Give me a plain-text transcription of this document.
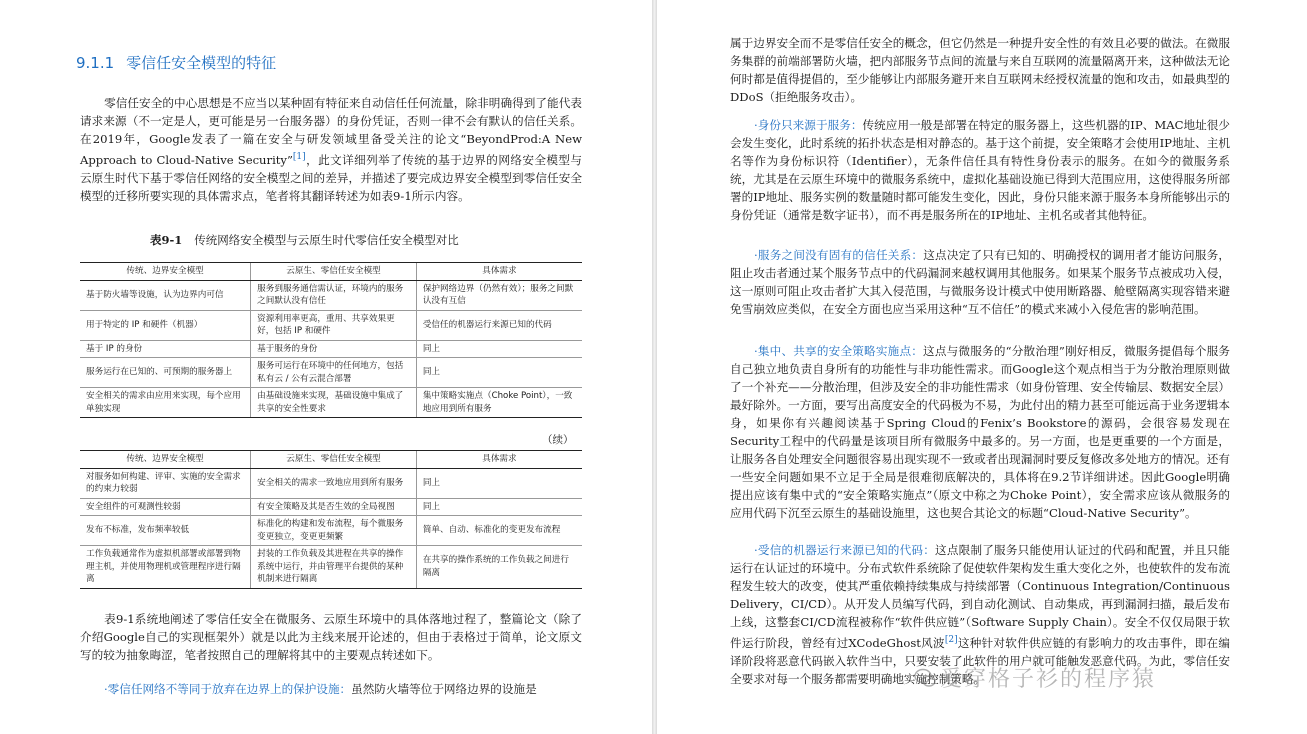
9.1.1 零信任安全模型的特征

零信任安全的中心思想是不应当以某种固有特征来自动信任任何流量，除非明确得到了能代表请求来源（不一定是人，更可能是另一台服务器）的身份凭证，否则一律不会有默认的信任关系。在2019年，Google发表了一篇在安全与研发领域里备受关注的论文“BeyondProd:A New Approach to Cloud-Native Security”[1]，此文详细列举了传统的基于边界的网络安全模型与云原生时代下基于零信任网络的安全模型之间的差异，并描述了要完成边界安全模型到零信任安全模型的迁移所要实现的具体需求点，笔者将其翻译转述为如表9-1所示内容。

表9-1 传统网络安全模型与云原生时代零信任安全模型对比
传统、边界安全模型	云原生、零信任安全模型	具体需求
基于防火墙等设施，认为边界内可信	服务到服务通信需认证，环境内的服务之间默认没有信任	保护网络边界（仍然有效）；服务之间默认没有互信
用于特定的 IP 和硬件（机器）	资源利用率更高，重用、共享效果更好，包括 IP 和硬件	受信任的机器运行来源已知的代码
基于 IP 的身份	基于服务的身份	同上
服务运行在已知的、可预期的服务器上	服务可运行在环境中的任何地方，包括私有云 / 公有云混合部署	同上
安全相关的需求由应用来实现，每个应用单独实现	由基础设施来实现，基础设施中集成了共享的安全性要求	集中策略实施点（Choke Point），一致地应用到所有服务
（续）
传统、边界安全模型	云原生、零信任安全模型	具体需求
对服务如何构建、评审、实施的安全需求的约束力较弱	安全相关的需求一致地应用到所有服务	同上
安全组件的可观测性较弱	有安全策略及其是否生效的全局视图	同上
发布不标准，发布频率较低	标准化的构建和发布流程，每个微服务变更独立，变更更频繁	简单、自动、标准化的变更发布流程
工作负载通常作为虚拟机部署或部署到物理主机，并使用物理机或管理程序进行隔离	封装的工作负载及其进程在共享的操作系统中运行，并由管理平台提供的某种机制来进行隔离	在共享的操作系统的工作负载之间进行隔离

表9-1系统地阐述了零信任安全在微服务、云原生环境中的具体落地过程了，整篇论文（除了介绍Google自己的实现框架外）就是以此为主线来展开论述的，但由于表格过于简单，论文原文写的较为抽象晦涩，笔者按照自己的理解将其中的主要观点转述如下。

·零信任网络不等同于放弃在边界上的保护设施：虽然防火墙等位于网络边界的设施是

属于边界安全而不是零信任安全的概念，但它仍然是一种提升安全性的有效且必要的做法。在微服务集群的前端部署防火墙，把内部服务节点间的流量与来自互联网的流量隔离开来，这种做法无论何时都是值得提倡的，至少能够让内部服务避开来自互联网未经授权流量的饱和攻击，如最典型的DDoS（拒绝服务攻击）。

·身份只来源于服务：传统应用一般是部署在特定的服务器上，这些机器的IP、MAC地址很少会发生变化，此时系统的拓扑状态是相对静态的。基于这个前提，安全策略才会使用IP地址、主机名等作为身份标识符（Identifier），无条件信任具有特性身份表示的服务。在如今的微服务系统，尤其是在云原生环境中的微服务系统中，虚拟化基础设施已得到大范围应用，这使得服务所部署的IP地址、服务实例的数量随时都可能发生变化，因此，身份只能来源于服务本身所能够出示的身份凭证（通常是数字证书），而不再是服务所在的IP地址、主机名或者其他特征。

·服务之间没有固有的信任关系：这点决定了只有已知的、明确授权的调用者才能访问服务，阻止攻击者通过某个服务节点中的代码漏洞来越权调用其他服务。如果某个服务节点被成功入侵，这一原则可阻止攻击者扩大其入侵范围，与微服务设计模式中使用断路器、舱壁隔离实现容错来避免雪崩效应类似，在安全方面也应当采用这种“互不信任”的模式来减小入侵危害的影响范围。

·集中、共享的安全策略实施点：这点与微服务的“分散治理”刚好相反，微服务提倡每个服务自己独立地负责自身所有的功能性与非功能性需求。而Google这个观点相当于为分散治理原则做了一个补充——分散治理，但涉及安全的非功能性需求（如身份管理、安全传输层、数据安全层）最好除外。一方面，要写出高度安全的代码极为不易，为此付出的精力甚至可能远高于业务逻辑本身，如果你有兴趣阅读基于Spring Cloud的Fenix’s Bookstore的源码，会很容易发现在Security工程中的代码量是该项目所有微服务中最多的。另一方面，也是更重要的一个方面是，让服务各自处理安全问题很容易出现实现不一致或者出现漏洞时要反复修改多处地方的情况。还有一些安全问题如果不立足于全局是很难彻底解决的，具体将在9.2节详细讲述。因此Google明确提出应该有集中式的“安全策略实施点”（原文中称之为Choke Point），安全需求应该从微服务的应用代码下沉至云原生的基础设施里，这也契合其论文的标题“Cloud-Native Security”。

·受信的机器运行来源已知的代码：这点限制了服务只能使用认证过的代码和配置，并且只能运行在认证过的环境中。分布式软件系统除了促使软件架构发生重大变化之外，也使软件的发布流程发生较大的改变，使其严重依赖持续集成与持续部署（Continuous Integration/Continuous Delivery，CI/CD）。从开发人员编写代码，到自动化测试、自动集成，再到漏洞扫描，最后发布上线，这整套CI/CD流程被称作“软件供应链”（Software Supply Chain）。安全不仅仅局限于软件运行阶段，曾经有过XCodeGhost风波[2]这种针对软件供应链的有影响力的攻击事件，即在编译阶段将恶意代码嵌入软件当中，只要安装了此软件的用户就可能触发恶意代码。为此，零信任安全要求对每一个服务都需要明确地实施控制策略。

爱穿格子衫的程序猿
